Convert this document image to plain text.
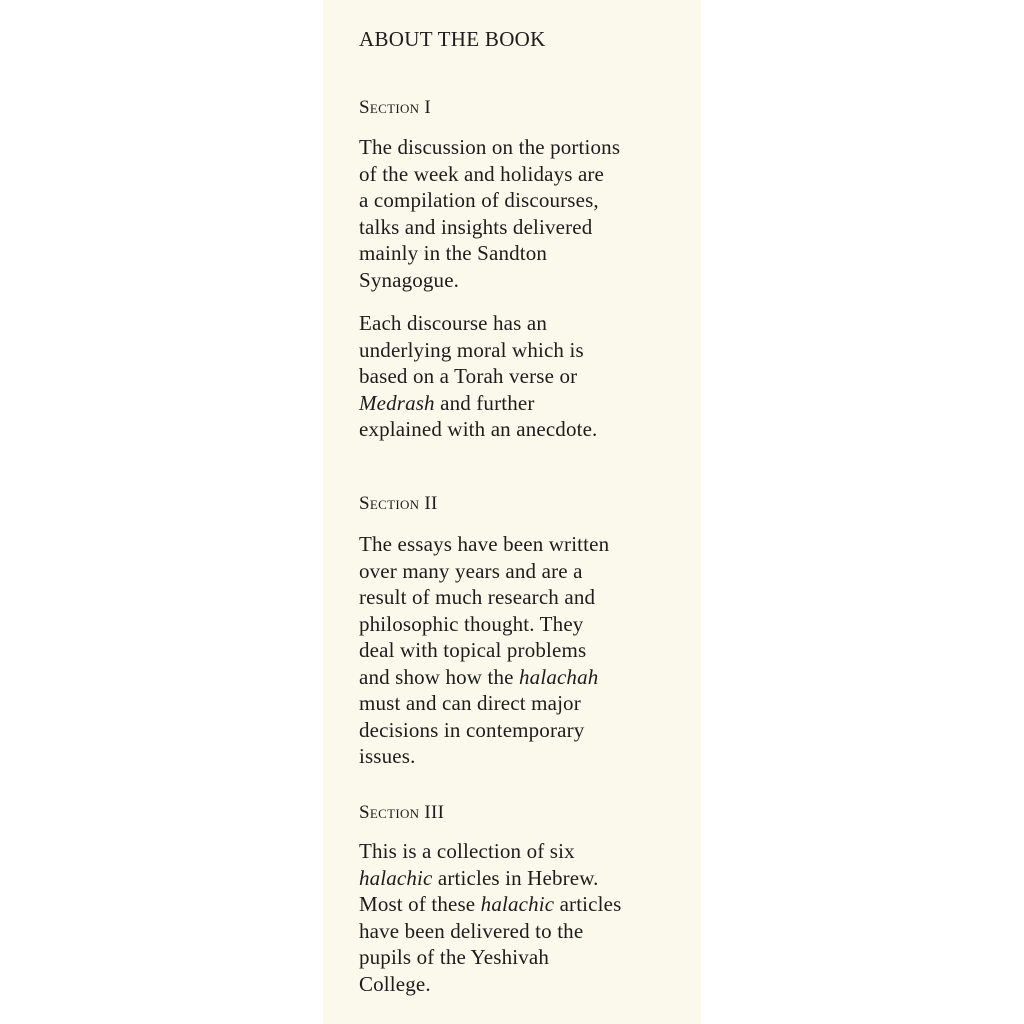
ABOUT THE BOOK
Section I

The discussion on the portions
of the week and holidays are
a compilation of discourses,
talks and insights delivered
mainly in the Sandton
Synagogue.

Each discourse has an
underlying moral which is
based on a Torah verse or
Medrash and further
explained with an anecdote.

Section II

The essays have been written
over many years and are a
result of much research and
philosophic thought. They
deal with topical problems
and show how the halachah
must and can direct major
decisions in contemporary
issues.

Section III

This is a collection of six
halachic articles in Hebrew.
Most of these halachic articles
have been delivered to the
pupils of the Yeshivah
College.
